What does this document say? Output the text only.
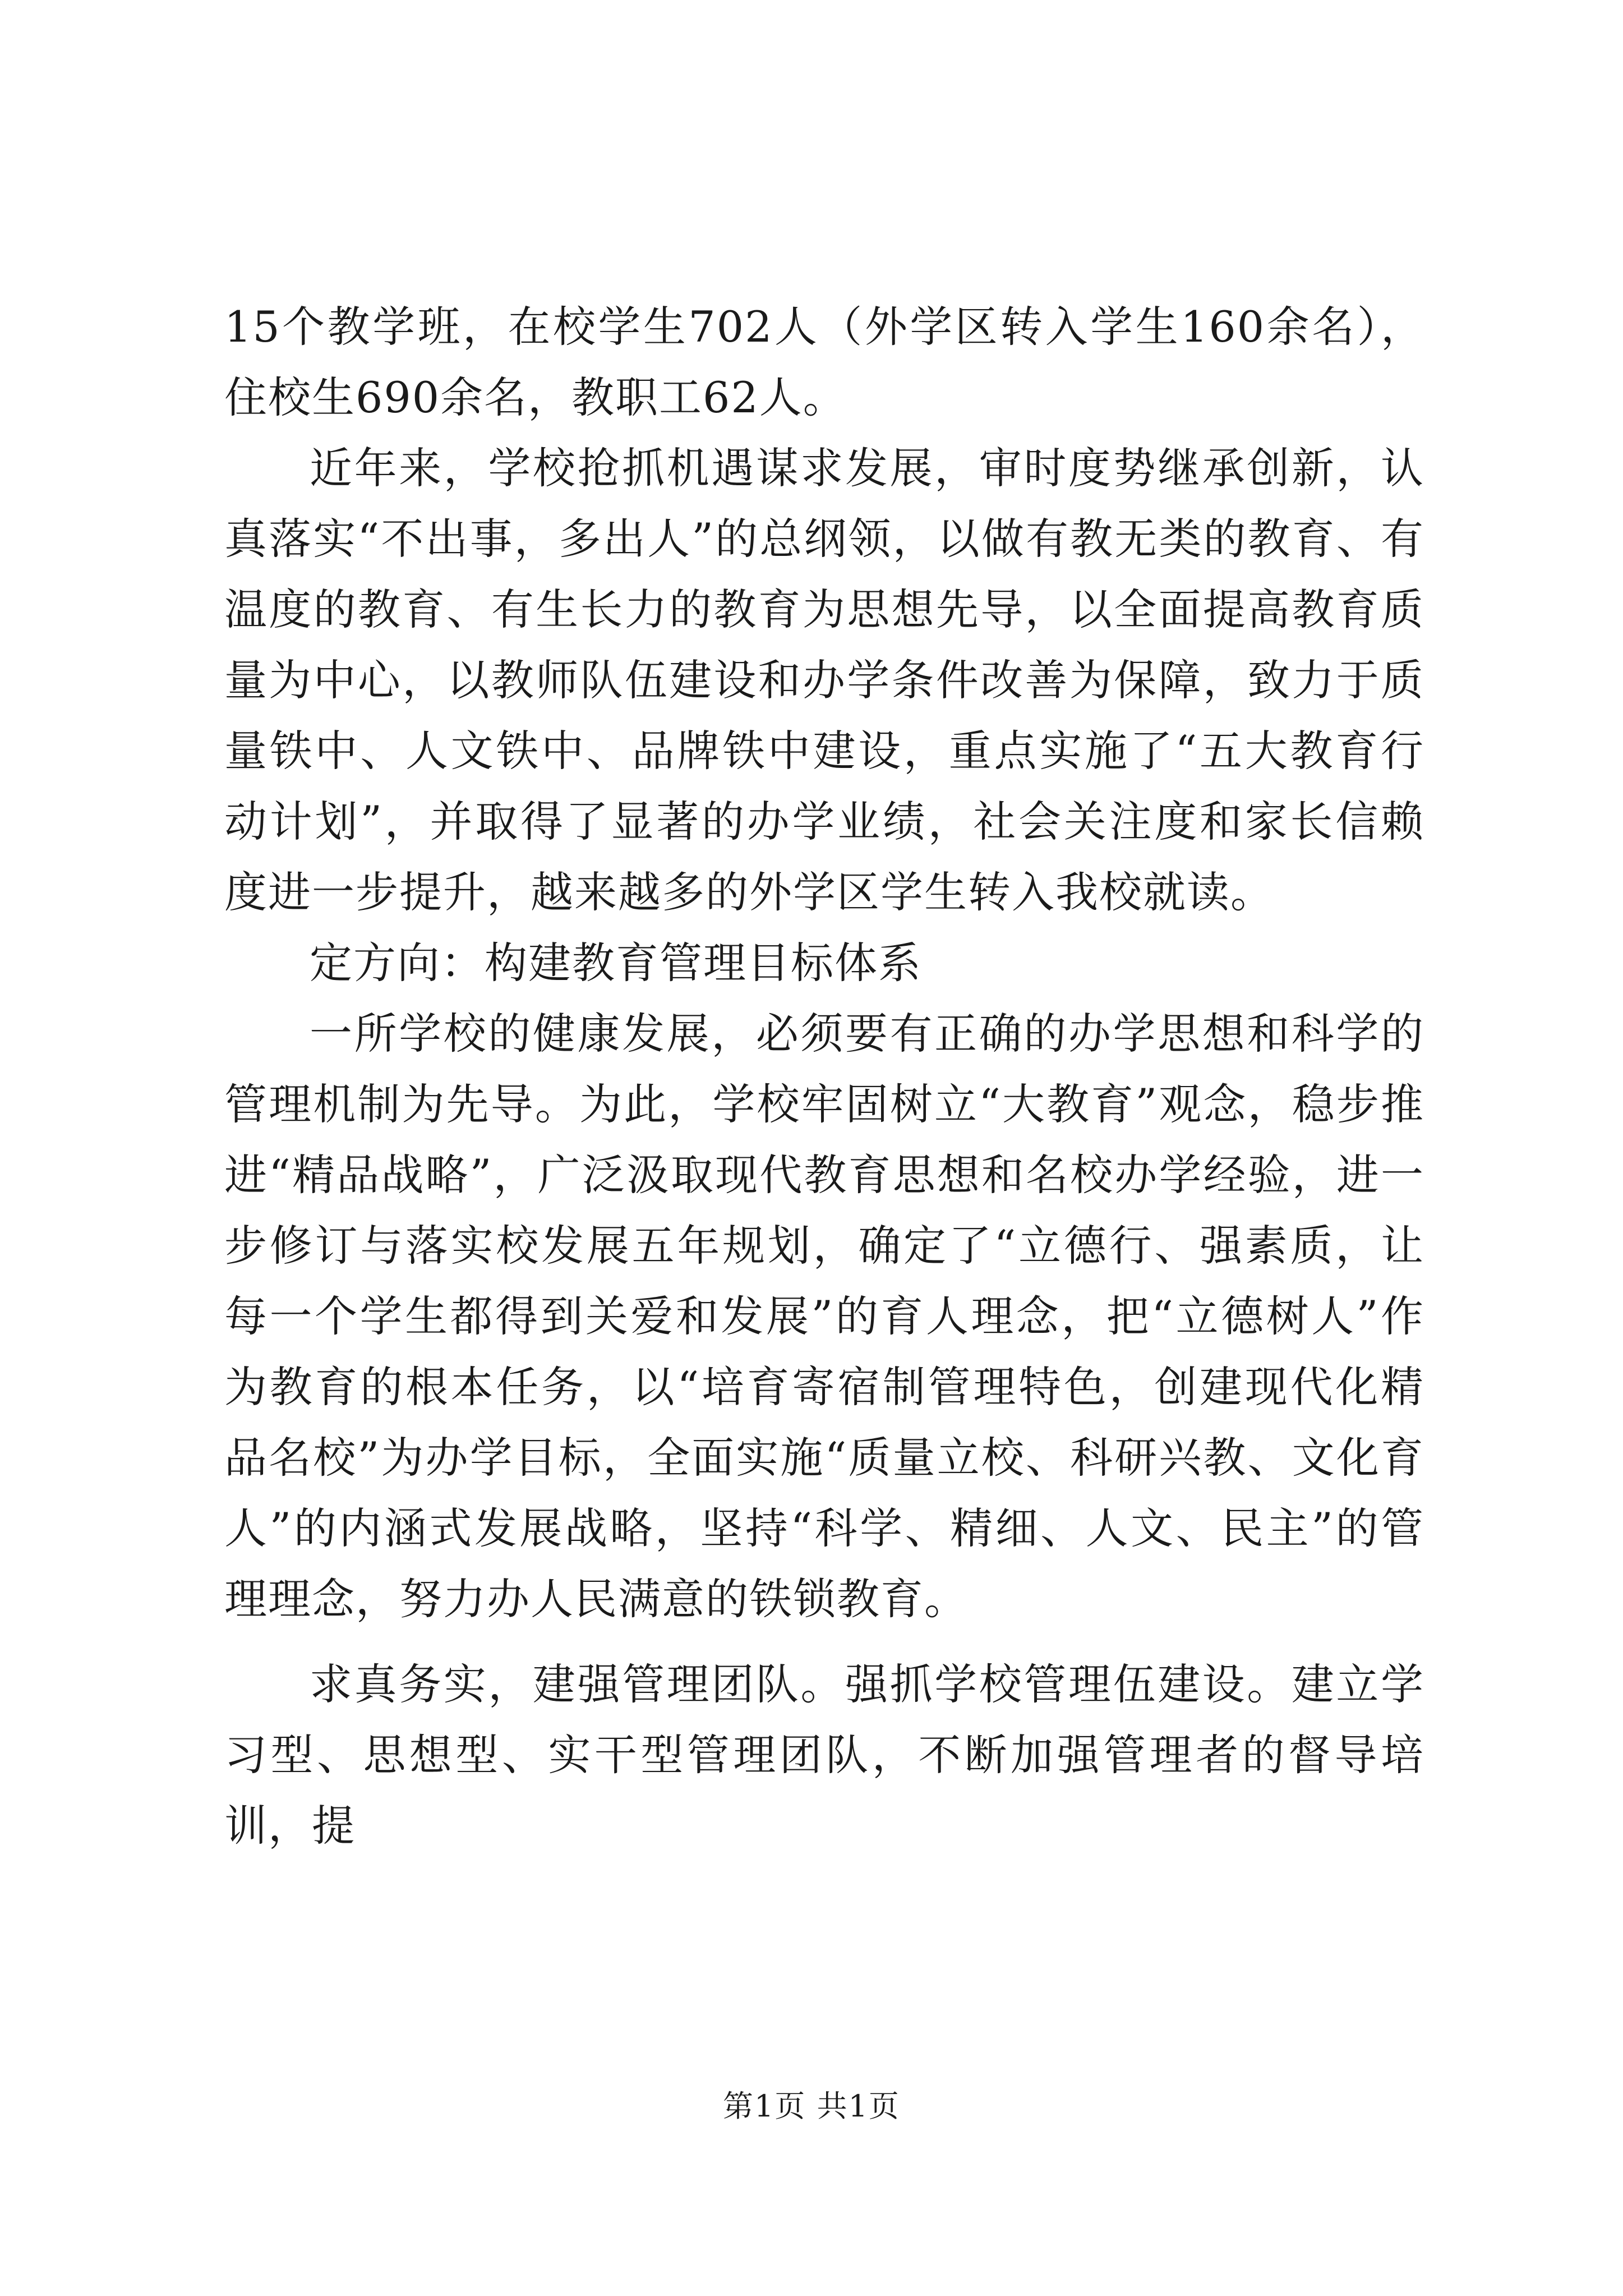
15个教学班，在校学生702人（外学区转入学生160余名），住校生690余名，教职工62人。

近年来，学校抢抓机遇谋求发展，审时度势继承创新，认真落实“不出事，多出人”的总纲领，以做有教无类的教育、有温度的教育、有生长力的教育为思想先导，以全面提高教育质量为中心，以教师队伍建设和办学条件改善为保障，致力于质量铁中、人文铁中、品牌铁中建设，重点实施了“五大教育行动计划”，并取得了显著的办学业绩，社会关注度和家长信赖度进一步提升，越来越多的外学区学生转入我校就读。

定方向：构建教育管理目标体系

一所学校的健康发展，必须要有正确的办学思想和科学的管理机制为先导。为此，学校牢固树立“大教育”观念，稳步推进“精品战略”，广泛汲取现代教育思想和名校办学经验，进一步修订与落实校发展五年规划，确定了“立德行、强素质，让每一个学生都得到关爱和发展”的育人理念，把“立德树人”作为教育的根本任务，以“培育寄宿制管理特色，创建现代化精品名校”为办学目标，全面实施“质量立校、科研兴教、文化育人”的内涵式发展战略，坚持“科学、精细、人文、民主”的管理理念，努力办人民满意的铁锁教育。

求真务实，建强管理团队。强抓学校管理伍建设。建立学习型、思想型、实干型管理团队，不断加强管理者的督导培训，提

第1页 共1页
